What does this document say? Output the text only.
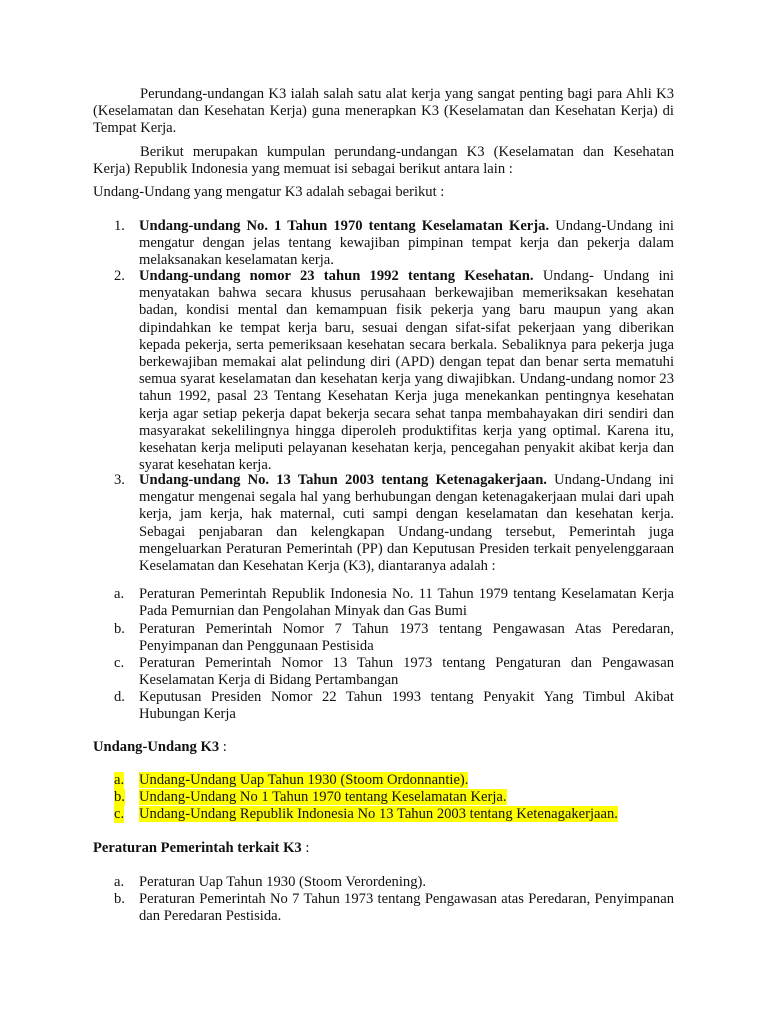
Perundang-undangan K3 ialah salah satu alat kerja yang sangat penting bagi para Ahli K3 (Keselamatan dan Kesehatan Kerja) guna menerapkan K3 (Keselamatan dan Kesehatan Kerja) di Tempat Kerja.

Berikut merupakan kumpulan perundang-undangan K3 (Keselamatan dan Kesehatan Kerja) Republik Indonesia yang memuat isi sebagai berikut antara lain :

Undang-Undang yang mengatur K3 adalah sebagai berikut :

1. Undang-undang No. 1 Tahun 1970 tentang Keselamatan Kerja. Undang-Undang ini mengatur dengan jelas tentang kewajiban pimpinan tempat kerja dan pekerja dalam melaksanakan keselamatan kerja.
2. Undang-undang nomor 23 tahun 1992 tentang Kesehatan. Undang- Undang ini menyatakan bahwa secara khusus perusahaan berkewajiban memeriksakan kesehatan badan, kondisi mental dan kemampuan fisik pekerja yang baru maupun yang akan dipindahkan ke tempat kerja baru, sesuai dengan sifat-sifat pekerjaan yang diberikan kepada pekerja, serta pemeriksaan kesehatan secara berkala. Sebaliknya para pekerja juga berkewajiban memakai alat pelindung diri (APD) dengan tepat dan benar serta mematuhi semua syarat keselamatan dan kesehatan kerja yang diwajibkan. Undang-undang nomor 23 tahun 1992, pasal 23 Tentang Kesehatan Kerja juga menekankan pentingnya kesehatan kerja agar setiap pekerja dapat bekerja secara sehat tanpa membahayakan diri sendiri dan masyarakat sekelilingnya hingga diperoleh produktifitas kerja yang optimal. Karena itu, kesehatan kerja meliputi pelayanan kesehatan kerja, pencegahan penyakit akibat kerja dan syarat kesehatan kerja.
3. Undang-undang No. 13 Tahun 2003 tentang Ketenagakerjaan. Undang-Undang ini mengatur mengenai segala hal yang berhubungan dengan ketenagakerjaan mulai dari upah kerja, jam kerja, hak maternal, cuti sampi dengan keselamatan dan kesehatan kerja. Sebagai penjabaran dan kelengkapan Undang-undang tersebut, Pemerintah juga mengeluarkan Peraturan Pemerintah (PP) dan Keputusan Presiden terkait penyelenggaraan Keselamatan dan Kesehatan Kerja (K3), diantaranya adalah :
a. Peraturan Pemerintah Republik Indonesia No. 11 Tahun 1979 tentang Keselamatan Kerja Pada Pemurnian dan Pengolahan Minyak dan Gas Bumi
b. Peraturan Pemerintah Nomor 7 Tahun 1973 tentang Pengawasan Atas Peredaran, Penyimpanan dan Penggunaan Pestisida
c. Peraturan Pemerintah Nomor 13 Tahun 1973 tentang Pengaturan dan Pengawasan Keselamatan Kerja di Bidang Pertambangan
d. Keputusan Presiden Nomor 22 Tahun 1993 tentang Penyakit Yang Timbul Akibat Hubungan Kerja

Undang-Undang K3 :

a. Undang-Undang Uap Tahun 1930 (Stoom Ordonnantie).
b. Undang-Undang No 1 Tahun 1970 tentang Keselamatan Kerja.
c. Undang-Undang Republik Indonesia No 13 Tahun 2003 tentang Ketenagakerjaan.

Peraturan Pemerintah terkait K3 :

a. Peraturan Uap Tahun 1930 (Stoom Verordening).
b. Peraturan Pemerintah No 7 Tahun 1973 tentang Pengawasan atas Peredaran, Penyimpanan dan Peredaran Pestisida.
